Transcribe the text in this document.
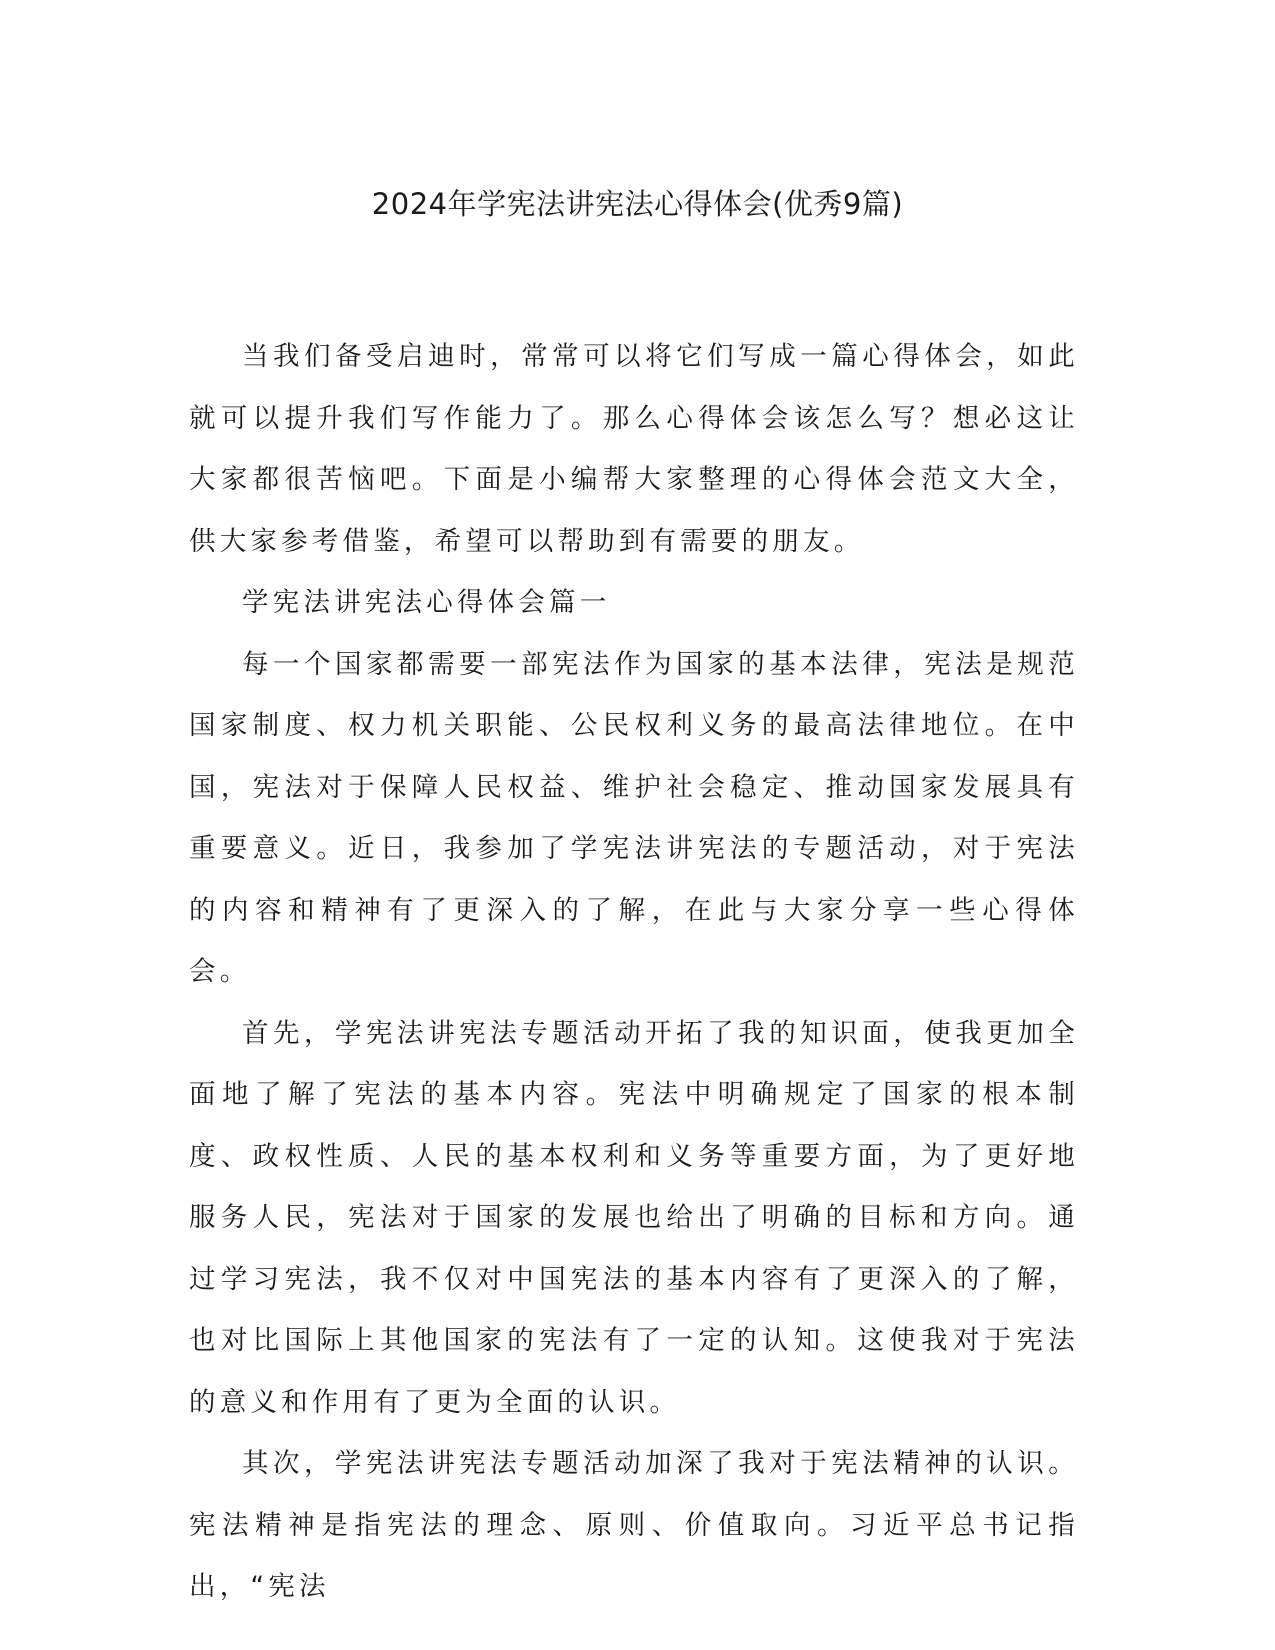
2024年学宪法讲宪法心得体会(优秀9篇)

当我们备受启迪时，常常可以将它们写成一篇心得体会，如此就可以提升我们写作能力了。那么心得体会该怎么写？想必这让大家都很苦恼吧。下面是小编帮大家整理的心得体会范文大全，供大家参考借鉴，希望可以帮助到有需要的朋友。

学宪法讲宪法心得体会篇一

每一个国家都需要一部宪法作为国家的基本法律，宪法是规范国家制度、权力机关职能、公民权利义务的最高法律地位。在中国，宪法对于保障人民权益、维护社会稳定、推动国家发展具有重要意义。近日，我参加了学宪法讲宪法的专题活动，对于宪法的内容和精神有了更深入的了解，在此与大家分享一些心得体会。

首先，学宪法讲宪法专题活动开拓了我的知识面，使我更加全面地了解了宪法的基本内容。宪法中明确规定了国家的根本制度、政权性质、人民的基本权利和义务等重要方面，为了更好地服务人民，宪法对于国家的发展也给出了明确的目标和方向。通过学习宪法，我不仅对中国宪法的基本内容有了更深入的了解，也对比国际上其他国家的宪法有了一定的认知。这使我对于宪法的意义和作用有了更为全面的认识。

其次，学宪法讲宪法专题活动加深了我对于宪法精神的认识。宪法精神是指宪法的理念、原则、价值取向。习近平总书记指出，“宪法
